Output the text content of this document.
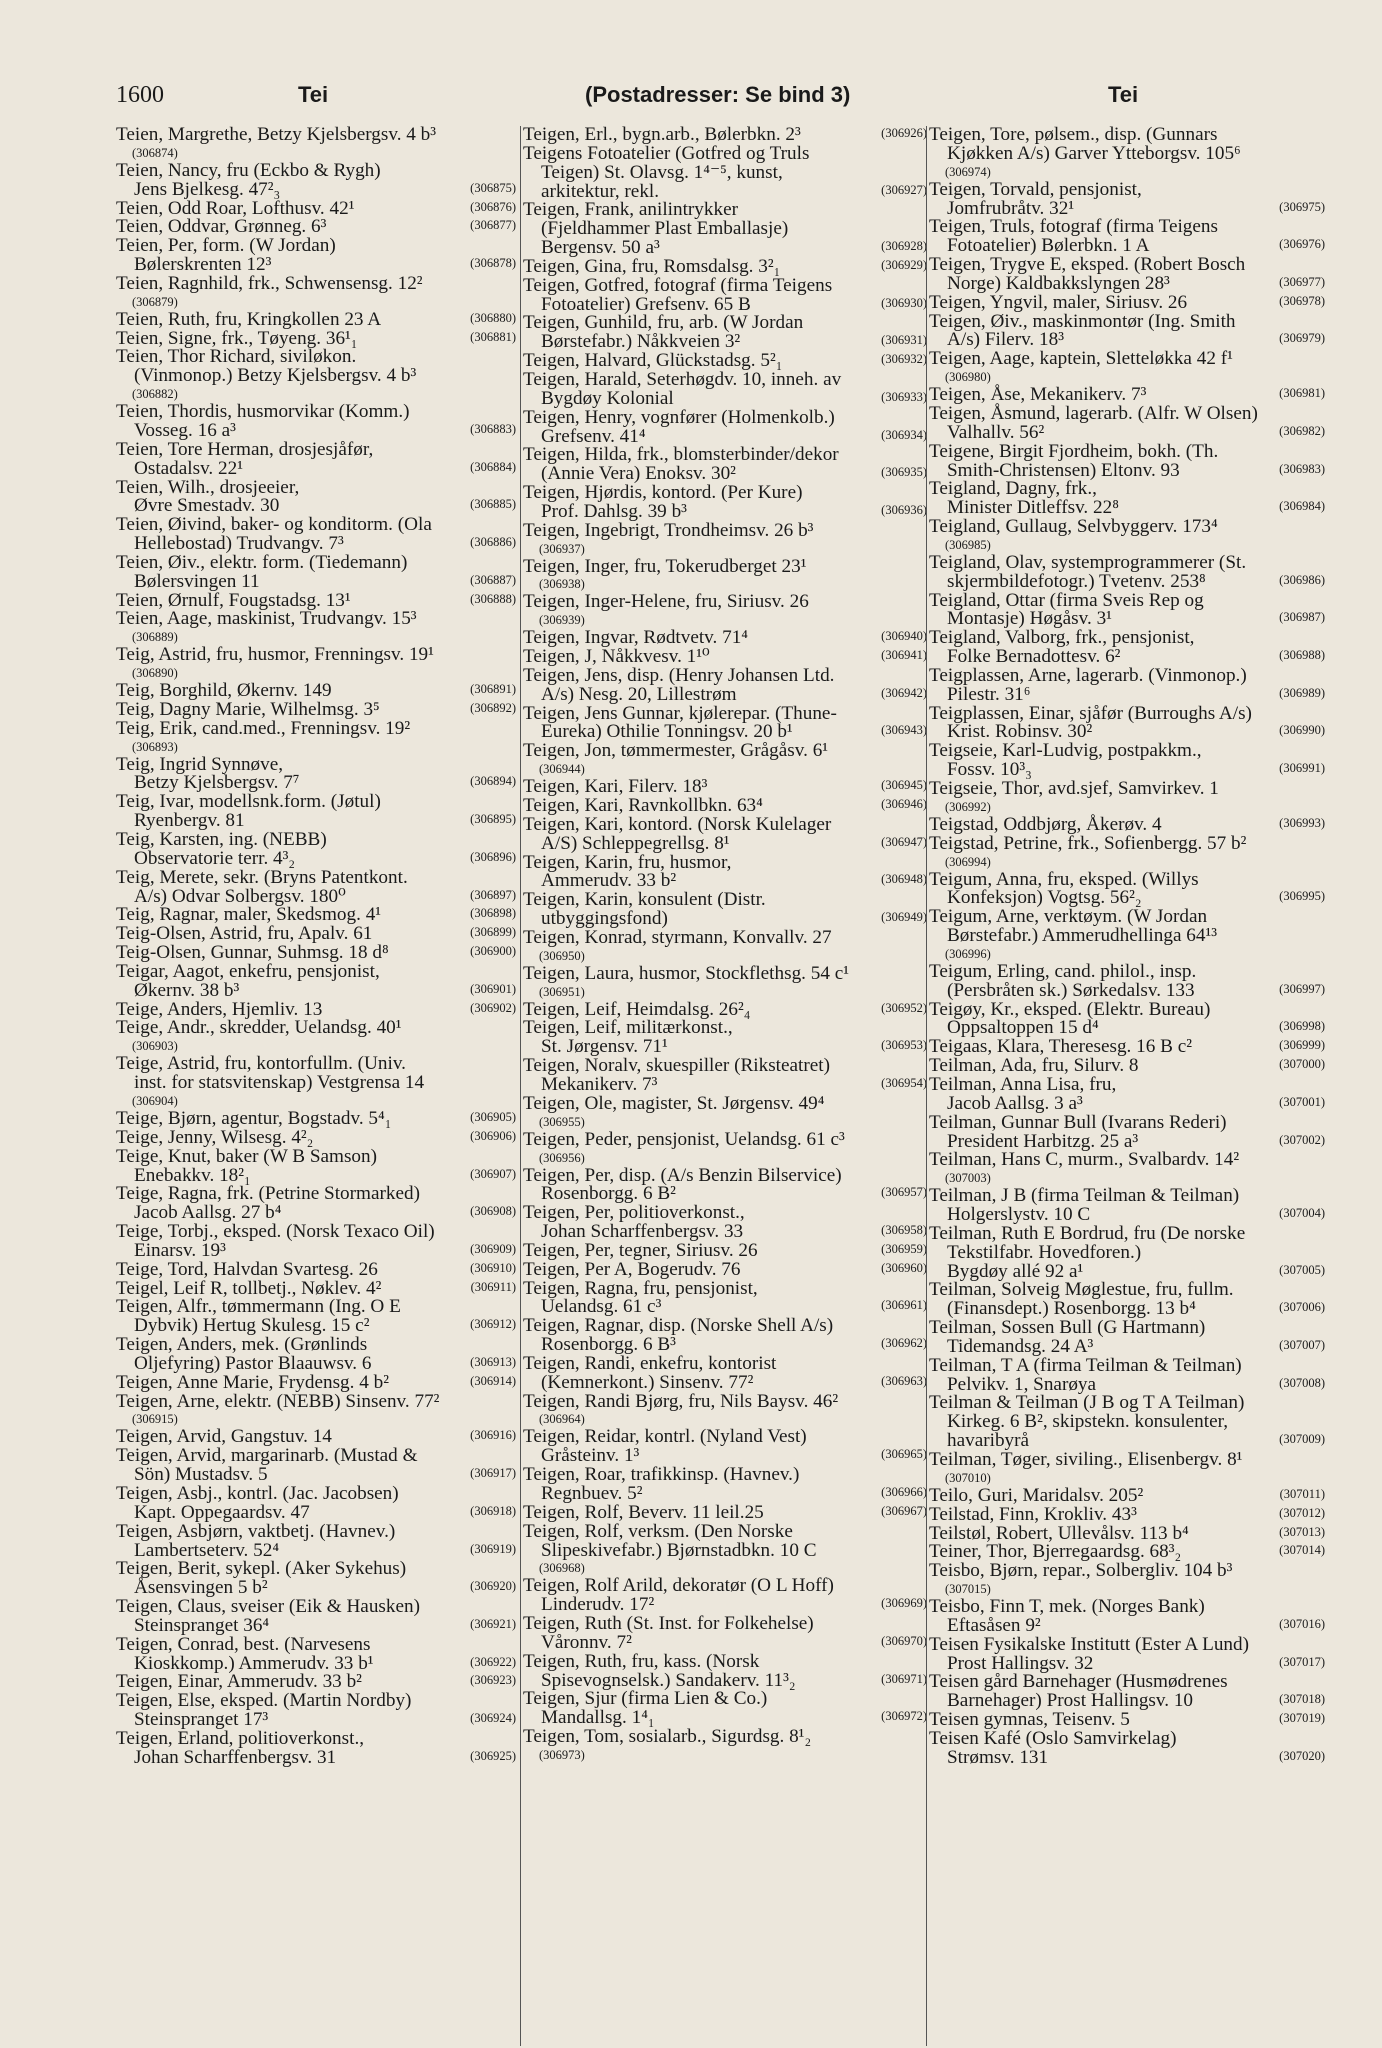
1600	Tei	(Postadresser: Se bind 3)	Tei
Teien, Margrethe, Betzy Kjelsbergsv. 4 b³
(306874)
Teien, Nancy, fru (Eckbo & Rygh)
Jens Bjelkesg. 47²₃	(306875)
Teien, Odd Roar, Lofthusv. 42¹	(306876)
Teien, Oddvar, Grønneg. 6³	(306877)
Teien, Per, form. (W Jordan)
Bølerskrenten 12³	(306878)
Teien, Ragnhild, frk., Schwensensg. 12²
(306879)
Teien, Ruth, fru, Kringkollen 23 A	(306880)
Teien, Signe, frk., Tøyeng. 36¹₁	(306881)
Teien, Thor Richard, siviløkon.
(Vinmonop.) Betzy Kjelsbergsv. 4 b³
(306882)
Teien, Thordis, husmorvikar (Komm.)
Vosseg. 16 a³	(306883)
Teien, Tore Herman, drosjesjåfør,
Ostadalsv. 22¹	(306884)
Teien, Wilh., drosjeeier,
Øvre Smestadv. 30	(306885)
Teien, Øivind, baker- og konditorm. (Ola
Hellebostad) Trudvangv. 7³	(306886)
Teien, Øiv., elektr. form. (Tiedemann)
Bølersvingen 11	(306887)
Teien, Ørnulf, Fougstadsg. 13¹	(306888)
Teien, Aage, maskinist, Trudvangv. 15³
(306889)
Teig, Astrid, fru, husmor, Frenningsv. 19¹
(306890)
Teig, Borghild, Økernv. 149	(306891)
Teig, Dagny Marie, Wilhelmsg. 3⁵	(306892)
Teig, Erik, cand.med., Frenningsv. 19²
(306893)
Teig, Ingrid Synnøve,
Betzy Kjelsbergsv. 7⁷	(306894)
Teig, Ivar, modellsnk.form. (Jøtul)
Ryenbergv. 81	(306895)
Teig, Karsten, ing. (NEBB)
Observatorie terr. 4³₂	(306896)
Teig, Merete, sekr. (Bryns Patentkont.
A/s) Odvar Solbergsv. 180⁰	(306897)
Teig, Ragnar, maler, Skedsmog. 4¹	(306898)
Teig-Olsen, Astrid, fru, Apalv. 61	(306899)
Teig-Olsen, Gunnar, Suhmsg. 18 d⁸	(306900)
Teigar, Aagot, enkefru, pensjonist,
Økernv. 38 b³	(306901)
Teige, Anders, Hjemliv. 13	(306902)
Teige, Andr., skredder, Uelandsg. 40¹
(306903)
Teige, Astrid, fru, kontorfullm. (Univ.
inst. for statsvitenskap) Vestgrensa 14
(306904)
Teige, Bjørn, agentur, Bogstadv. 5⁴₁	(306905)
Teige, Jenny, Wilsesg. 4²₂	(306906)
Teige, Knut, baker (W B Samson)
Enebakkv. 18²₁	(306907)
Teige, Ragna, frk. (Petrine Stormarked)
Jacob Aallsg. 27 b⁴	(306908)
Teige, Torbj., eksped. (Norsk Texaco Oil)
Einarsv. 19³	(306909)
Teige, Tord, Halvdan Svartesg. 26	(306910)
Teigel, Leif R, tollbetj., Nøklev. 4²	(306911)
Teigen, Alfr., tømmermann (Ing. O E
Dybvik) Hertug Skulesg. 15 c²	(306912)
Teigen, Anders, mek. (Grønlinds
Oljefyring) Pastor Blaauwsv. 6	(306913)
Teigen, Anne Marie, Frydensg. 4 b²	(306914)
Teigen, Arne, elektr. (NEBB) Sinsenv. 77²
(306915)
Teigen, Arvid, Gangstuv. 14	(306916)
Teigen, Arvid, margarinarb. (Mustad &
Sön) Mustadsv. 5	(306917)
Teigen, Asbj., kontrl. (Jac. Jacobsen)
Kapt. Oppegaardsv. 47	(306918)
Teigen, Asbjørn, vaktbetj. (Havnev.)
Lambertseterv. 52⁴	(306919)
Teigen, Berit, sykepl. (Aker Sykehus)
Åsensvingen 5 b²	(306920)
Teigen, Claus, sveiser (Eik & Hausken)
Steinspranget 36⁴	(306921)
Teigen, Conrad, best. (Narvesens
Kioskkomp.) Ammerudv. 33 b¹	(306922)
Teigen, Einar, Ammerudv. 33 b²	(306923)
Teigen, Else, eksped. (Martin Nordby)
Steinspranget 17³	(306924)
Teigen, Erland, politioverkonst.,
Johan Scharffenbergsv. 31	(306925)
Teigen, Erl., bygn.arb., Bølerbkn. 2³	(306926)
Teigens Fotoatelier (Gotfred og Truls
Teigen) St. Olavsg. 1⁴⁻⁵, kunst,
arkitektur, rekl.	(306927)
Teigen, Frank, anilintrykker
(Fjeldhammer Plast Emballasje)
Bergensv. 50 a³	(306928)
Teigen, Gina, fru, Romsdalsg. 3²₁	(306929)
Teigen, Gotfred, fotograf (firma Teigens
Fotoatelier) Grefsenv. 65 B	(306930)
Teigen, Gunhild, fru, arb. (W Jordan
Børstefabr.) Nåkkveien 3²	(306931)
Teigen, Halvard, Glückstadsg. 5²₁	(306932)
Teigen, Harald, Seterhøgdv. 10, inneh. av
Bygdøy Kolonial	(306933)
Teigen, Henry, vognfører (Holmenkolb.)
Grefsenv. 41⁴	(306934)
Teigen, Hilda, frk., blomsterbinder/dekor
(Annie Vera) Enoksv. 30²	(306935)
Teigen, Hjørdis, kontord. (Per Kure)
Prof. Dahlsg. 39 b³	(306936)
Teigen, Ingebrigt, Trondheimsv. 26 b³
(306937)
Teigen, Inger, fru, Tokerudberget 23¹
(306938)
Teigen, Inger-Helene, fru, Siriusv. 26
(306939)
Teigen, Ingvar, Rødtvetv. 71⁴	(306940)
Teigen, J, Nåkkvesv. 1¹⁰	(306941)
Teigen, Jens, disp. (Henry Johansen Ltd.
A/s) Nesg. 20, Lillestrøm	(306942)
Teigen, Jens Gunnar, kjølerepar. (Thune-
Eureka) Othilie Tonningsv. 20 b¹	(306943)
Teigen, Jon, tømmermester, Grågåsv. 6¹
(306944)
Teigen, Kari, Filerv. 18³	(306945)
Teigen, Kari, Ravnkollbkn. 63⁴	(306946)
Teigen, Kari, kontord. (Norsk Kulelager
A/S) Schleppegrellsg. 8¹	(306947)
Teigen, Karin, fru, husmor,
Ammerudv. 33 b²	(306948)
Teigen, Karin, konsulent (Distr.
utbyggingsfond)	(306949)
Teigen, Konrad, styrmann, Konvallv. 27
(306950)
Teigen, Laura, husmor, Stockflethsg. 54 c¹
(306951)
Teigen, Leif, Heimdalsg. 26²₄	(306952)
Teigen, Leif, militærkonst.,
St. Jørgensv. 71¹	(306953)
Teigen, Noralv, skuespiller (Riksteatret)
Mekanikerv. 7³	(306954)
Teigen, Ole, magister, St. Jørgensv. 49⁴
(306955)
Teigen, Peder, pensjonist, Uelandsg. 61 c³
(306956)
Teigen, Per, disp. (A/s Benzin Bilservice)
Rosenborgg. 6 B²	(306957)
Teigen, Per, politioverkonst.,
Johan Scharffenbergsv. 33	(306958)
Teigen, Per, tegner, Siriusv. 26	(306959)
Teigen, Per A, Bogerudv. 76	(306960)
Teigen, Ragna, fru, pensjonist,
Uelandsg. 61 c³	(306961)
Teigen, Ragnar, disp. (Norske Shell A/s)
Rosenborgg. 6 B³	(306962)
Teigen, Randi, enkefru, kontorist
(Kemnerkont.) Sinsenv. 77²	(306963)
Teigen, Randi Bjørg, fru, Nils Baysv. 46²
(306964)
Teigen, Reidar, kontrl. (Nyland Vest)
Gråsteinv. 1³	(306965)
Teigen, Roar, trafikkinsp. (Havnev.)
Regnbuev. 5²	(306966)
Teigen, Rolf, Beverv. 11 leil.25	(306967)
Teigen, Rolf, verksm. (Den Norske
Slipeskivefabr.) Bjørnstadbkn. 10 C
(306968)
Teigen, Rolf Arild, dekoratør (O L Hoff)
Linderudv. 17²	(306969)
Teigen, Ruth (St. Inst. for Folkehelse)
Våronnv. 7²	(306970)
Teigen, Ruth, fru, kass. (Norsk
Spisevognselsk.) Sandakerv. 11³₂	(306971)
Teigen, Sjur (firma Lien & Co.)
Mandallsg. 1⁴₁	(306972)
Teigen, Tom, sosialarb., Sigurdsg. 8¹₂
(306973)
Teigen, Tore, pølsem., disp. (Gunnars
Kjøkken A/s) Garver Ytteborgsv. 105⁶
(306974)
Teigen, Torvald, pensjonist,
Jomfrubråtv. 32¹	(306975)
Teigen, Truls, fotograf (firma Teigens
Fotoatelier) Bølerbkn. 1 A	(306976)
Teigen, Trygve E, eksped. (Robert Bosch
Norge) Kaldbakkslyngen 28³	(306977)
Teigen, Yngvil, maler, Siriusv. 26	(306978)
Teigen, Øiv., maskinmontør (Ing. Smith
A/s) Filerv. 18³	(306979)
Teigen, Aage, kaptein, Sletteløkka 42 f¹
(306980)
Teigen, Åse, Mekanikerv. 7³	(306981)
Teigen, Åsmund, lagerarb. (Alfr. W Olsen)
Valhallv. 56²	(306982)
Teigene, Birgit Fjordheim, bokh. (Th.
Smith-Christensen) Eltonv. 93	(306983)
Teigland, Dagny, frk.,
Minister Ditleffsv. 22⁸	(306984)
Teigland, Gullaug, Selvbyggerv. 173⁴
(306985)
Teigland, Olav, systemprogrammerer (St.
skjermbildefotogr.) Tvetenv. 253⁸	(306986)
Teigland, Ottar (firma Sveis Rep og
Montasje) Høgåsv. 3¹	(306987)
Teigland, Valborg, frk., pensjonist,
Folke Bernadottesv. 6²	(306988)
Teigplassen, Arne, lagerarb. (Vinmonop.)
Pilestr. 31⁶	(306989)
Teigplassen, Einar, sjåfør (Burroughs A/s)
Krist. Robinsv. 30²	(306990)
Teigseie, Karl-Ludvig, postpakkm.,
Fossv. 10³₃	(306991)
Teigseie, Thor, avd.sjef, Samvirkev. 1
(306992)
Teigstad, Oddbjørg, Åkerøv. 4	(306993)
Teigstad, Petrine, frk., Sofienbergg. 57 b²
(306994)
Teigum, Anna, fru, eksped. (Willys
Konfeksjon) Vogtsg. 56²₂	(306995)
Teigum, Arne, verktøym. (W Jordan
Børstefabr.) Ammerudhellinga 64¹³
(306996)
Teigum, Erling, cand. philol., insp.
(Persbråten sk.) Sørkedalsv. 133	(306997)
Teigøy, Kr., eksped. (Elektr. Bureau)
Oppsaltoppen 15 d⁴	(306998)
Teigaas, Klara, Theresesg. 16 B c²	(306999)
Teilman, Ada, fru, Silurv. 8	(307000)
Teilman, Anna Lisa, fru,
Jacob Aallsg. 3 a³	(307001)
Teilman, Gunnar Bull (Ivarans Rederi)
President Harbitzg. 25 a³	(307002)
Teilman, Hans C, murm., Svalbardv. 14²
(307003)
Teilman, J B (firma Teilman & Teilman)
Holgerslystv. 10 C	(307004)
Teilman, Ruth E Bordrud, fru (De norske
Tekstilfabr. Hovedforen.)
Bygdøy allé 92 a¹	(307005)
Teilman, Solveig Møglestue, fru, fullm.
(Finansdept.) Rosenborgg. 13 b⁴	(307006)
Teilman, Sossen Bull (G Hartmann)
Tidemandsg. 24 A³	(307007)
Teilman, T A (firma Teilman & Teilman)
Pelvikv. 1, Snarøya	(307008)
Teilman & Teilman (J B og T A Teilman)
Kirkeg. 6 B², skipstekn. konsulenter,
havaribyrå	(307009)
Teilman, Tøger, siviling., Elisenbergv. 8¹
(307010)
Teilo, Guri, Maridalsv. 205²	(307011)
Teilstad, Finn, Krokliv. 43³	(307012)
Teilstøl, Robert, Ullevålsv. 113 b⁴	(307013)
Teiner, Thor, Bjerregaardsg. 68³₂	(307014)
Teisbo, Bjørn, repar., Solbergliv. 104 b³
(307015)
Teisbo, Finn T, mek. (Norges Bank)
Eftasåsen 9²	(307016)
Teisen Fysikalske Institutt (Ester A Lund)
Prost Hallingsv. 32	(307017)
Teisen gård Barnehager (Husmødrenes
Barnehager) Prost Hallingsv. 10	(307018)
Teisen gymnas, Teisenv. 5	(307019)
Teisen Kafé (Oslo Samvirkelag)
Strømsv. 131	(307020)
